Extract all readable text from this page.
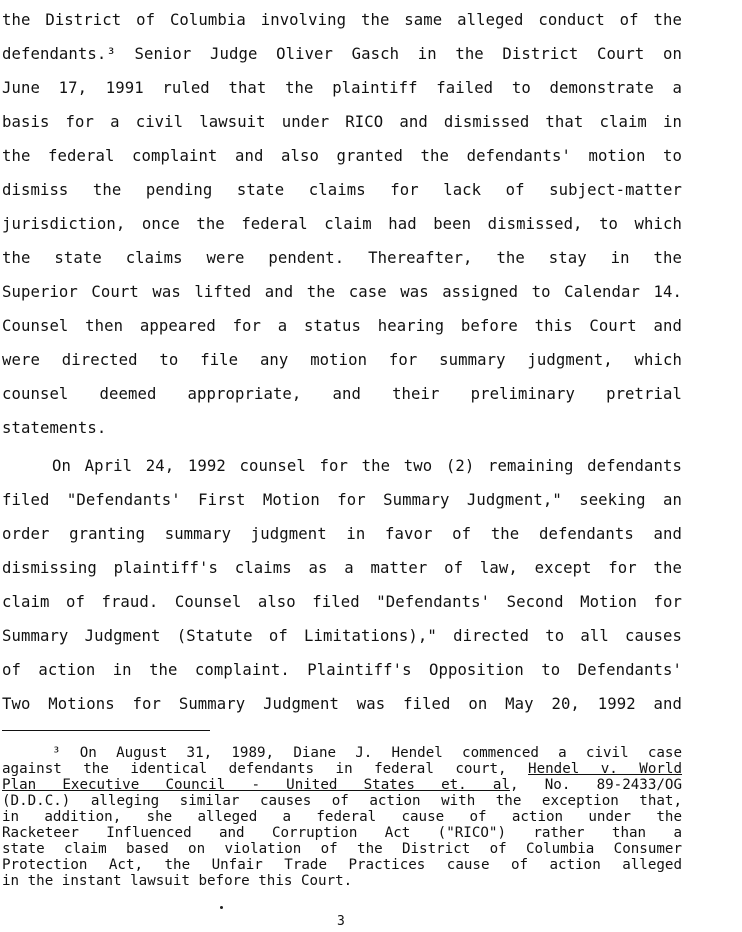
the District of Columbia involving the same alleged conduct of the

defendants.³ Senior Judge Oliver Gasch in the District Court on

June 17, 1991 ruled that the plaintiff failed to demonstrate a

basis for a civil lawsuit under RICO and dismissed that claim in

the federal complaint and also granted the defendants' motion to

dismiss the pending state claims for lack of subject-matter

jurisdiction, once the federal claim had been dismissed, to which

the state claims were pendent. Thereafter, the stay in the

Superior Court was lifted and the case was assigned to Calendar 14.

Counsel then appeared for a status hearing before this Court and

were directed to file any motion for summary judgment, which

counsel deemed appropriate, and their preliminary pretrial

statements.

On April 24, 1992 counsel for the two (2) remaining defendants

filed "Defendants' First Motion for Summary Judgment," seeking an

order granting summary judgment in favor of the defendants and

dismissing plaintiff's claims as a matter of law, except for the

claim of fraud. Counsel also filed "Defendants' Second Motion for

Summary Judgment (Statute of Limitations)," directed to all causes

of action in the complaint. Plaintiff's Opposition to Defendants'

Two Motions for Summary Judgment was filed on May 20, 1992 and

³ On August 31, 1989, Diane J. Hendel commenced a civil case

against the identical defendants in federal court, Hendel v. World

Plan Executive Council - United States et. al, No. 89-2433/OG

(D.D.C.) alleging similar causes of action with the exception that,

in addition, she alleged a federal cause of action under the

Racketeer Influenced and Corruption Act ("RICO") rather than a

state claim based on violation of the District of Columbia Consumer

Protection Act, the Unfair Trade Practices cause of action alleged

in the instant lawsuit before this Court.

3
